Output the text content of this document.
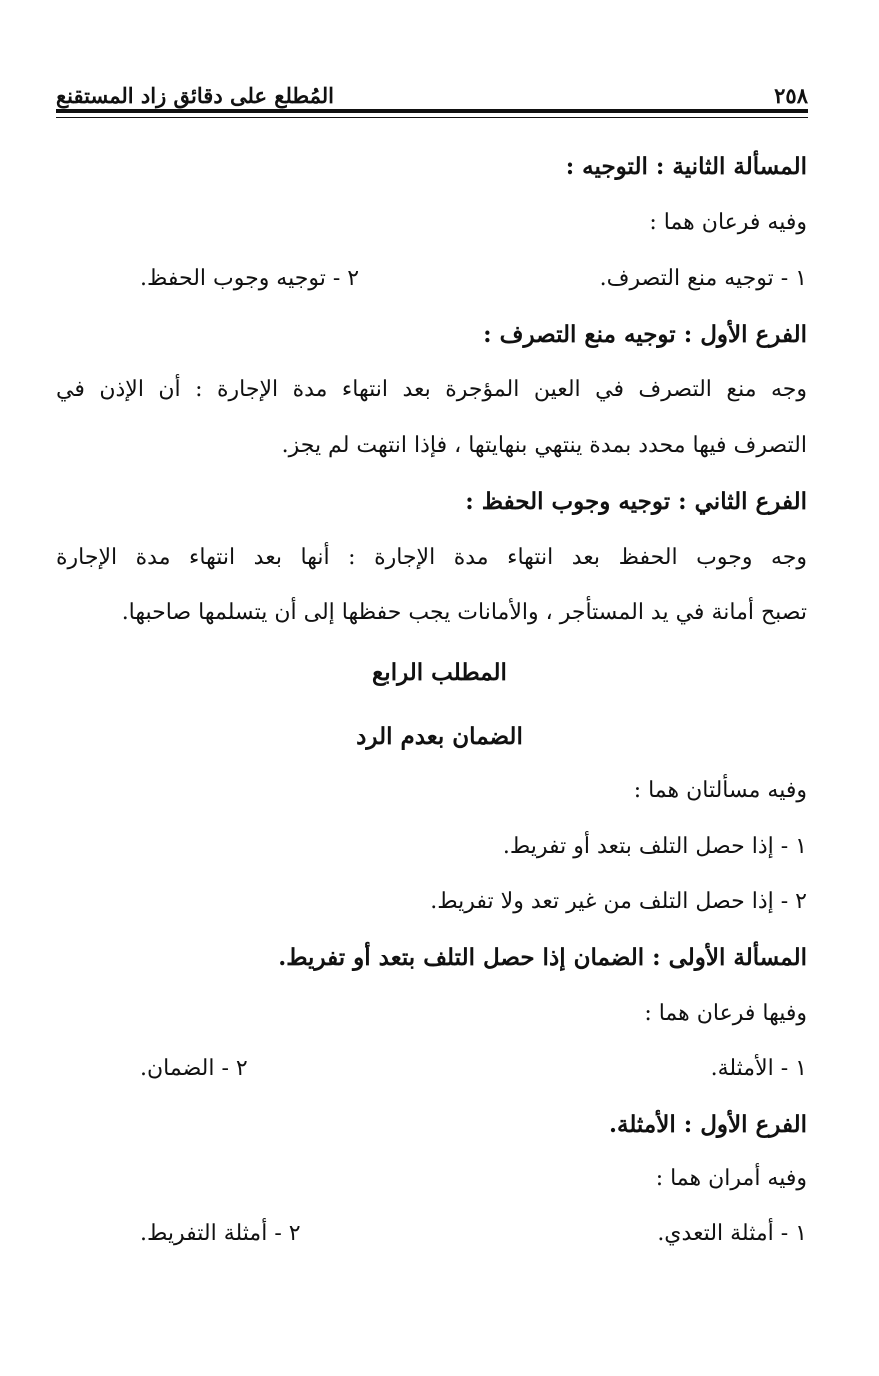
٢٥٨
المُطلع على دقائق زاد المستقنع
المسألة الثانية : التوجيه :
وفيه فرعان هما :
١ - توجيه منع التصرف.
٢ - توجيه وجوب الحفظ.
الفرع الأول : توجيه منع التصرف :
وجه منع التصرف في العين المؤجرة بعد انتهاء مدة الإجارة : أن الإذن في
التصرف فيها محدد بمدة ينتهي بنهايتها ، فإذا انتهت لم يجز.
الفرع الثاني : توجيه وجوب الحفظ :
وجه وجوب الحفظ بعد انتهاء مدة الإجارة : أنها بعد انتهاء مدة الإجارة
تصبح أمانة في يد المستأجر ، والأمانات يجب حفظها إلى أن يتسلمها صاحبها.
المطلب الرابع
الضمان بعدم الرد
وفيه مسألتان هما :
١ - إذا حصل التلف بتعد أو تفريط.
٢ - إذا حصل التلف من غير تعد ولا تفريط.
المسألة الأولى : الضمان إذا حصل التلف بتعد أو تفريط.
وفيها فرعان هما :
١ - الأمثلة.
٢ - الضمان.
الفرع الأول : الأمثلة.
وفيه أمران هما :
١ - أمثلة التعدي.
٢ - أمثلة التفريط.
